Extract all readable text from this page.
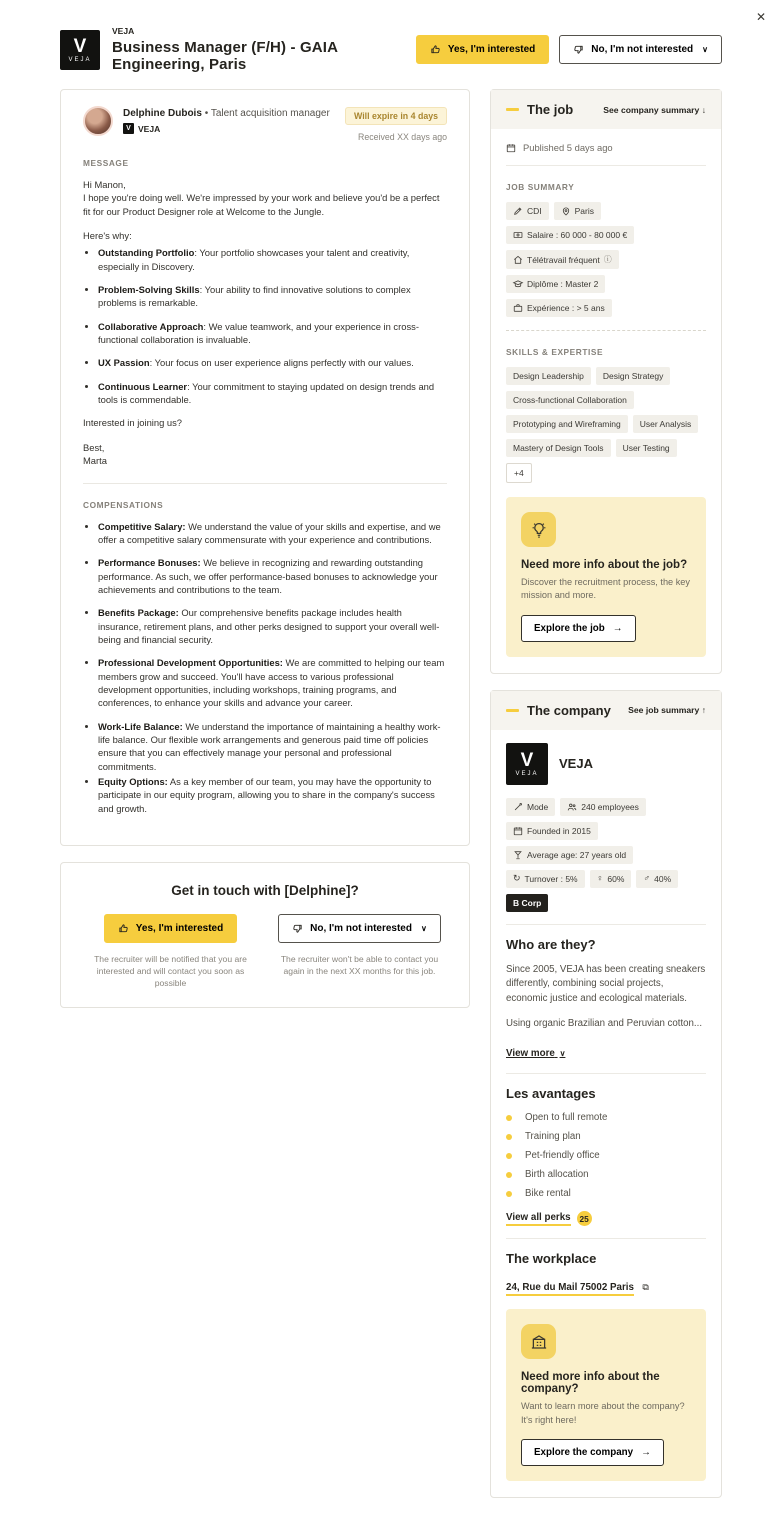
✕
V
VEJA
VEJA
Business Manager (F/H) - GAIA Engineering, Paris
Yes, I'm interested	No, I'm not interested ∨
Delphine Dubois • Talent acquisition manager
V VEJA
Will expire in 4 days
Received XX days ago
MESSAGE

Hi Manon,

I hope you're doing well. We're impressed by your work and believe you'd be a perfect fit for our Product Designer role at Welcome to the Jungle.

Here's why:

• Outstanding Portfolio: Your portfolio showcases your talent and creativity, especially in Discovery.
• Problem-Solving Skills: Your ability to find innovative solutions to complex problems is remarkable.
• Collaborative Approach: We value teamwork, and your experience in cross-functional collaboration is invaluable.
• UX Passion: Your focus on user experience aligns perfectly with our values.
• Continuous Learner: Your commitment to staying updated on design trends and tools is commendable.

Interested in joining us?

Best,

Marta

COMPENSATIONS
• Competitive Salary: We understand the value of your skills and expertise, and we offer a competitive salary commensurate with your experience and contributions.
• Performance Bonuses: We believe in recognizing and rewarding outstanding performance. As such, we offer performance-based bonuses to acknowledge your achievements and contributions to the team.
• Benefits Package: Our comprehensive benefits package includes health insurance, retirement plans, and other perks designed to support your overall well-being and financial security.
• Professional Development Opportunities: We are committed to helping our team members grow and succeed. You'll have access to various professional development opportunities, including workshops, training programs, and conferences, to enhance your skills and advance your career.
• Work-Life Balance: We understand the importance of maintaining a healthy work-life balance. Our flexible work arrangements and generous paid time off policies ensure that you can effectively manage your personal and professional commitments.
• Equity Options: As a key member of our team, you may have the opportunity to participate in our equity program, allowing you to share in the company's success and growth.
Get in touch with [Delphine]?
Yes, I'm interested
The recruiter will be notified that you are interested and will contact you soon as possible
No, I'm not interested ∨
The recruiter won't be able to contact you again in the next XX months for this job.
The job	See company summary ↓
Published 5 days ago
JOB SUMMARY
CDI	Paris
Salaire : 60 000 - 80 000 €
Télétravail fréquent ⓘ
Diplôme : Master 2
Expérience : > 5 ans
SKILLS & EXPERTISE
Design Leadership	Design Strategy
Cross-functional Collaboration
Prototyping and Wireframing	User Analysis
Mastery of Design Tools	User Testing
+4
Need more info about the job?
Discover the recruitment process, the key mission and more.
Explore the job →
The company See job summary ↑
V
VEJA
VEJA
Mode	240 employees
Founded in 2015
Average age: 27 years old
↻ Turnover : 5% ♀ 60% ♂ 40%
B Corp
Who are they?

Since 2005, VEJA has been creating sneakers differently, combining social projects, economic justice and ecological materials.

Using organic Brazilian and Peruvian cotton...

View more ∨
Les avantages
Open to full remote
Training plan
Pet-friendly office
Birth allocation
Bike rental
View all perks	25
The workplace
24, Rue du Mail 75002 Paris ⧉
Need more info about the company?
Want to learn more about the company? It's right here!
Explore the company →
